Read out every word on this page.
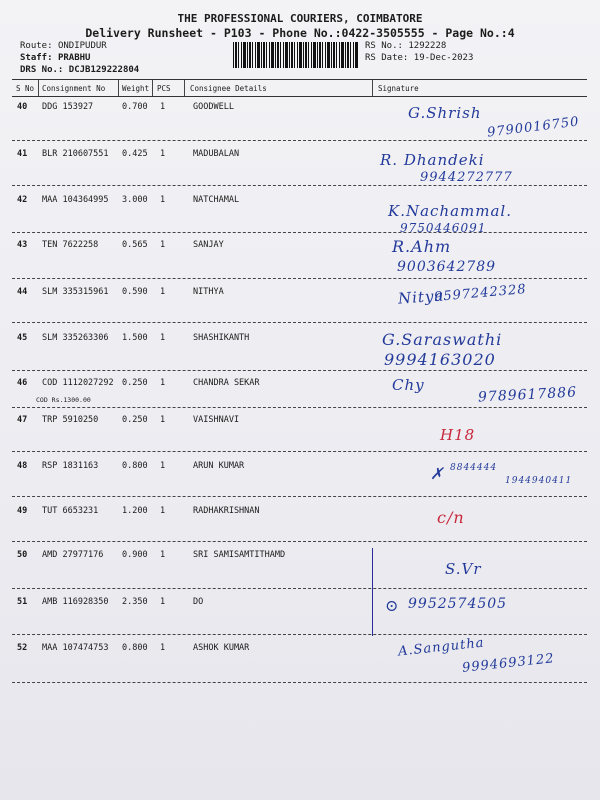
THE PROFESSIONAL COURIERS, COIMBATORE
Delivery Runsheet - P103 - Phone No.:0422-3505555 - Page No.:4
Route: ONDIPUDUR
Staff: PRABHU
DRS No.: DCJB129222804
RS No.: 1292228
RS Date: 19-Dec-2023
S No Consignment No Weight PCS	Consignee Details	Signature
40 DDG 153927	0.700 1	GOODWELL	G.Shrish
9790016750
41 BLR 210607551 0.425 1	MADUBALAN	R. Dhandeki
9944272777
42 MAA 104364995 3.000 1	NATCHAMAL
K.Nachammal.
9750446091
43 TEN 7622258	0.565 1	SANJAY	R.Ahm
9003642789
44 SLM 335315961 0.590 1	NITHYA	Nitya
9597242328
45 SLM 335263306 1.500 1	SHASHIKANTH	G.Saraswathi
9994163020
46 COD 1112027292 0.250 1	CHANDRA SEKAR
COD Rs.1300.00
Chy	9789617886
47 TRP 5910250	0.250 1	VAISHNAVI
H18
48 RSP 1831163	0.800 1	ARUN KUMAR	✗ 8844444
1944940411
49 TUT 6653231	1.200 1	RADHAKRISHNAN	c/n
50 AMD 27977176 0.900 1	SRI SAMISAMTITHAMD
S.Vr
51 AMB 116928350 2.350 1	DO	⊙ 9952574505
52 MAA 107474753 0.800 1	ASHOK KUMAR	A.Sangutha
9994693122
